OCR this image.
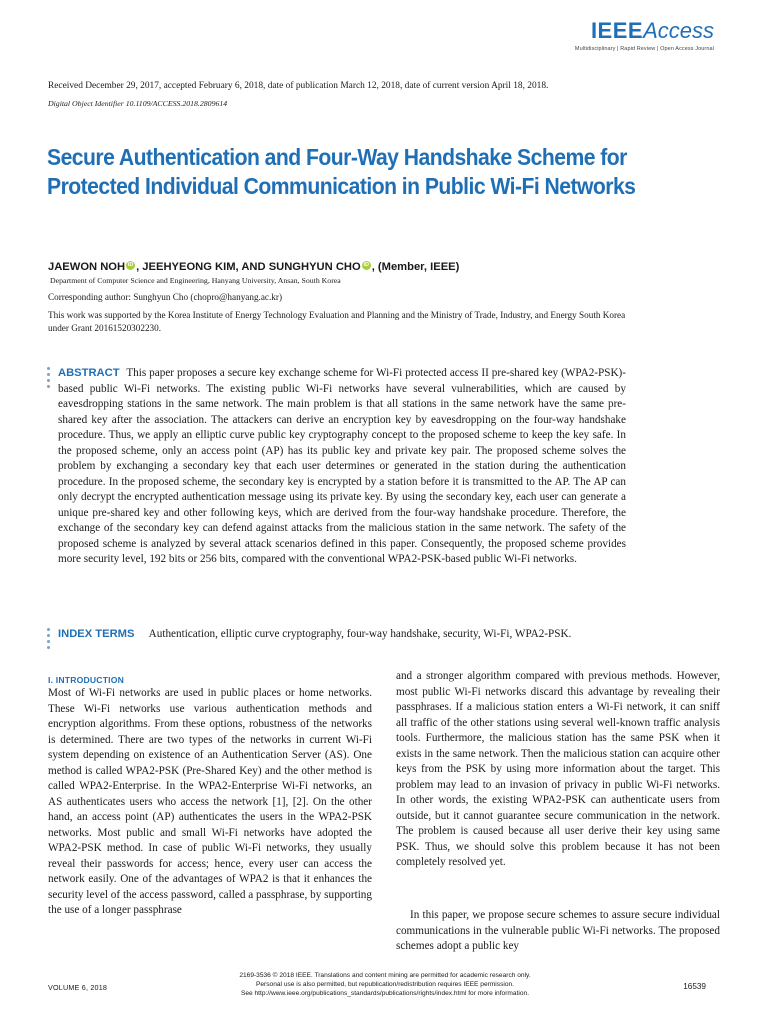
IEEEAccess
Multidisciplinary | Rapid Review | Open Access Journal
Received December 29, 2017, accepted February 6, 2018, date of publication March 12, 2018, date of current version April 18, 2018.
Digital Object Identifier 10.1109/ACCESS.2018.2809614
Secure Authentication and Four-Way Handshake Scheme for Protected Individual Communication in Public Wi-Fi Networks
JAEWON NOH iD , JEEHYEONG KIM, AND SUNGHYUN CHO iD , (Member, IEEE)
Department of Computer Science and Engineering, Hanyang University, Ansan, South Korea
Corresponding author: Sunghyun Cho (chopro@hanyang.ac.kr)

This work was supported by the Korea Institute of Energy Technology Evaluation and Planning and the Ministry of Trade, Industry, and Energy South Korea under Grant 20161520302230.

ABSTRACT This paper proposes a secure key exchange scheme for Wi-Fi protected access II pre-shared key (WPA2-PSK)-based public Wi-Fi networks. The existing public Wi-Fi networks have several vulnerabilities, which are caused by eavesdropping stations in the same network. The main problem is that all stations in the same network have the same pre-shared key after the association. The attackers can derive an encryption key by eavesdropping on the four-way handshake procedure. Thus, we apply an elliptic curve public key cryptography concept to the proposed scheme to keep the key safe. In the proposed scheme, only an access point (AP) has its public key and private key pair. The proposed scheme solves the problem by exchanging a secondary key that each user determines or generated in the station during the authentication procedure. In the proposed scheme, the secondary key is encrypted by a station before it is transmitted to the AP. The AP can only decrypt the encrypted authentication message using its private key. By using the secondary key, each user can generate a unique pre-shared key and other following keys, which are derived from the four-way handshake procedure. Therefore, the exchange of the secondary key can defend against attacks from the malicious station in the same network. The safety of the proposed scheme is analyzed by several attack scenarios defined in this paper. Consequently, the proposed scheme provides more security level, 192 bits or 256 bits, compared with the conventional WPA2-PSK-based public Wi-Fi networks.

INDEX TERMS Authentication, elliptic curve cryptography, four-way handshake, security, Wi-Fi, WPA2-PSK.

I. INTRODUCTION

Most of Wi-Fi networks are used in public places or home networks. These Wi-Fi networks use various authentication methods and encryption algorithms. From these options, robustness of the networks is determined. There are two types of the networks in current Wi-Fi system depending on existence of an Authentication Server (AS). One method is called WPA2-PSK (Pre-Shared Key) and the other method is called WPA2-Enterprise. In the WPA2-Enterprise Wi-Fi networks, an AS authenticates users who access the network [1], [2]. On the other hand, an access point (AP) authenticates the users in the WPA2-PSK networks. Most public and small Wi-Fi networks have adopted the WPA2-PSK method. In case of public Wi-Fi networks, they usually reveal their passwords for access; hence, every user can access the network easily. One of the advantages of WPA2 is that it enhances the security level of the access password, called a passphrase, by supporting the use of a longer passphrase

and a stronger algorithm compared with previous methods. However, most public Wi-Fi networks discard this advantage by revealing their passphrases. If a malicious station enters a Wi-Fi network, it can sniff all traffic of the other stations using several well-known traffic analysis tools. Furthermore, the malicious station has the same PSK when it exists in the same network. Then the malicious station can acquire other keys from the PSK by using more information about the target. This problem may lead to an invasion of privacy in public Wi-Fi networks. In other words, the existing WPA2-PSK can authenticate users from outside, but it cannot guarantee secure communication in the network. The problem is caused because all user derive their key using same PSK. Thus, we should solve this problem because it has not been completely resolved yet.

In this paper, we propose secure schemes to assure secure individual communications in the vulnerable public Wi-Fi networks. The proposed schemes adopt a public key

VOLUME 6, 2018
2169-3536 © 2018 IEEE. Translations and content mining are permitted for academic research only.
Personal use is also permitted, but republication/redistribution requires IEEE permission.
See http://www.ieee.org/publications_standards/publications/rights/index.html for more information.
16539
